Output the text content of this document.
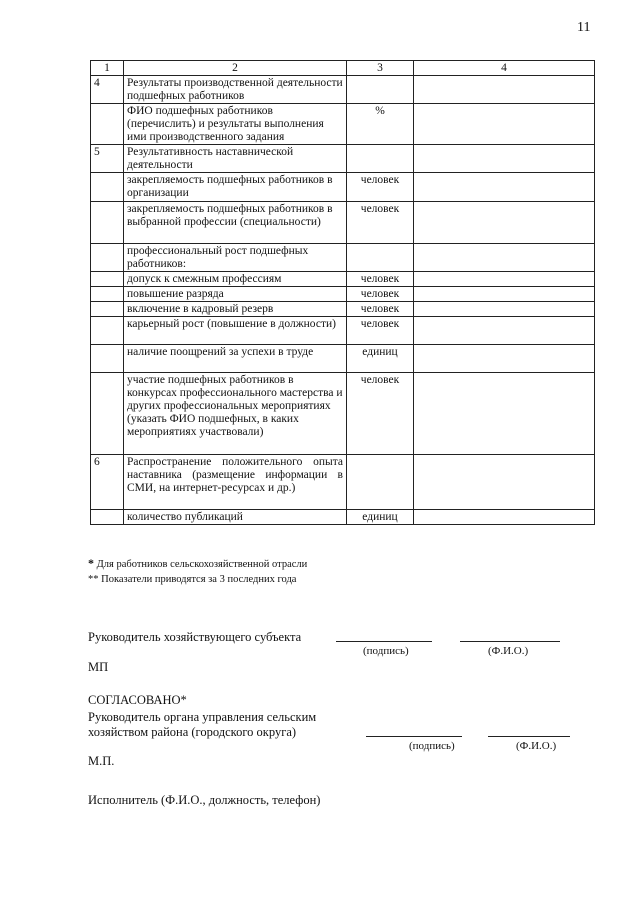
11
1	2	3	4
4	Результаты производственной деятельности подшефных работников		
	ФИО подшефных работников (перечислить) и результаты выполнения ими производственного задания	%	
5	Результативность наставнической деятельности		
	закрепляемость подшефных работников в организации	человек	
	закрепляемость подшефных работников в выбранной профессии (специальности)	человек	
	профессиональный рост подшефных работников:		
	допуск к смежным профессиям	человек	
	повышение разряда	человек	
	включение в кадровый резерв	человек	
	карьерный рост (повышение в должности)	человек	
	наличие поощрений за успехи в труде	единиц	
	участие подшефных работников в конкурсах профессионального мастерства и других профессиональных мероприятиях (указать ФИО подшефных, в каких мероприятиях участвовали)	человек	
6	Распространение положительного опыта наставника (размещение информации в СМИ, на интернет-ресурсах и др.)		
	количество публикаций	единиц	
* Для работников сельскохозяйственной отрасли
** Показатели приводятся за 3 последних года
Руководитель хозяйствующего субъекта
(подпись)	(Ф.И.О.)
МП
СОГЛАСОВАНО*
Руководитель органа управления сельским
хозяйством района (городского округа)
(подпись)	(Ф.И.О.)
М.П.
Исполнитель (Ф.И.О., должность, телефон)
